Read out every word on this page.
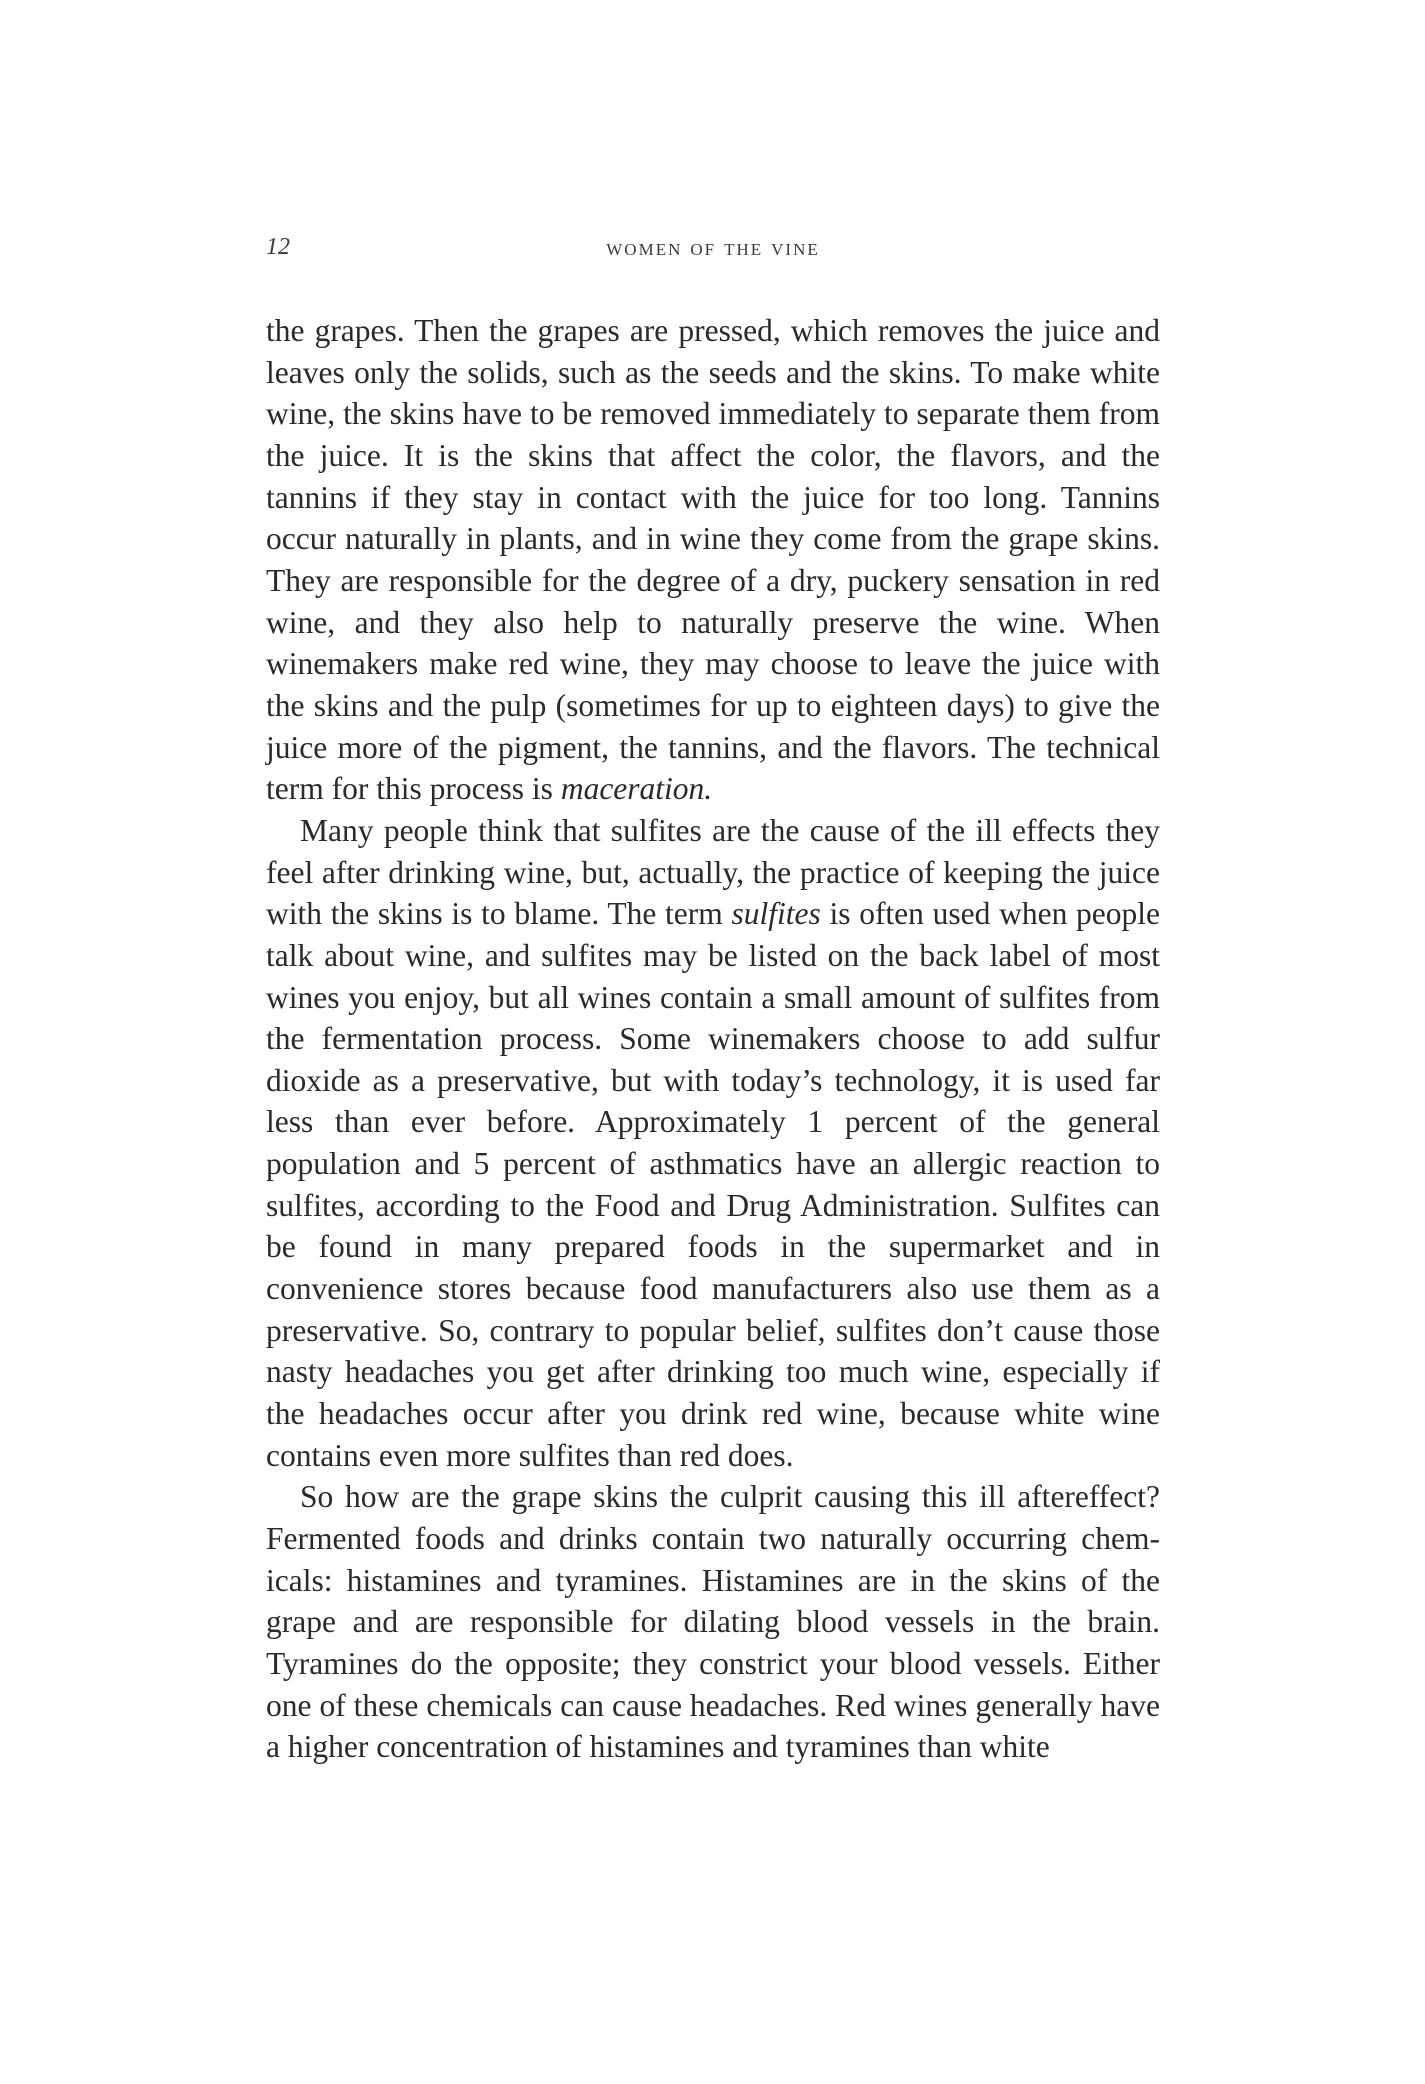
12	women of the vine

the grapes. Then the grapes are pressed, which removes the juice and leaves only the solids, such as the seeds and the skins. To make white wine, the skins have to be removed immediately to separate them from the juice. It is the skins that affect the color, the flavors, and the tannins if they stay in contact with the juice for too long. Tannins occur naturally in plants, and in wine they come from the grape skins. They are responsible for the degree of a dry, puckery sensation in red wine, and they also help to naturally preserve the wine. When winemakers make red wine, they may choose to leave the juice with the skins and the pulp (sometimes for up to eighteen days) to give the juice more of the pigment, the tannins, and the flavors. The technical term for this process is maceration.

Many people think that sulfites are the cause of the ill effects they feel after drinking wine, but, actually, the practice of keeping the juice with the skins is to blame. The term sulfites is often used when people talk about wine, and sulfites may be listed on the back label of most wines you enjoy, but all wines contain a small amount of sulfites from the fermentation process. Some winemakers choose to add sulfur dioxide as a preservative, but with today’s technology, it is used far less than ever before. Approximately 1 percent of the general population and 5 percent of asthmatics have an allergic reaction to sulfites, according to the Food and Drug Administration. Sulfites can be found in many prepared foods in the supermarket and in convenience stores because food manufacturers also use them as a preservative. So, contrary to popular belief, sulfites don’t cause those nasty headaches you get after drinking too much wine, especially if the headaches occur after you drink red wine, because white wine contains even more sulfites than red does.

So how are the grape skins the culprit causing this ill aftereffect? Fermented foods and drinks contain two naturally occurring chemicals: histamines and tyramines. Histamines are in the skins of the grape and are responsible for dilating blood vessels in the brain. Tyramines do the opposite; they constrict your blood vessels. Either one of these chemicals can cause headaches. Red wines generally have a higher concentration of histamines and tyramines than white
